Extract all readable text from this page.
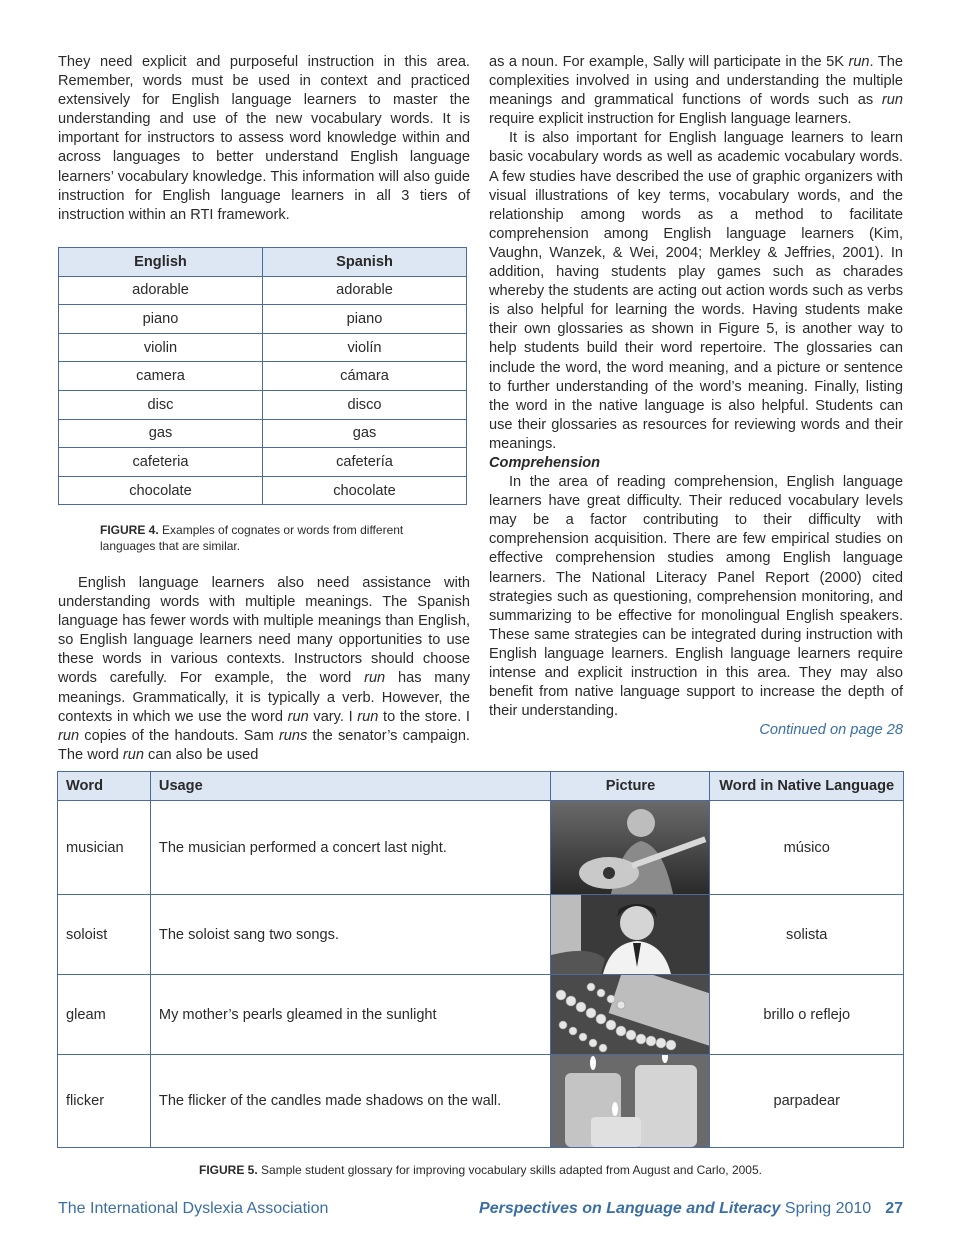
They need explicit and purposeful instruction in this area. Remember, words must be used in context and practiced extensively for English language learners to master the understanding and use of the new vocabulary words. It is important for instructors to assess word knowledge within and across languages to better understand English language learners’ vocabulary knowledge. This information will also guide instruction for English language learners in all 3 tiers of instruction within an RTI framework.

English	Spanish
adorable	adorable
piano	piano
violin	violín
camera	cámara
disc	disco
gas	gas
cafeteria	cafetería
chocolate	chocolate
FIGURE 4. Examples of cognates or words from different languages that are similar.

English language learners also need assistance with understanding words with multiple meanings. The Spanish language has fewer words with multiple meanings than English, so English language learners need many opportunities to use these words in various contexts. Instructors should choose words carefully. For example, the word run has many meanings. Grammatically, it is typically a verb. However, the contexts in which we use the word run vary. I run to the store. I run copies of the handouts. Sam runs the senator’s campaign. The word run can also be used

as a noun. For example, Sally will participate in the 5K run. The complexities involved in using and understanding the multiple meanings and grammatical functions of words such as run require explicit instruction for English language learners.

It is also important for English language learners to learn basic vocabulary words as well as academic vocabulary words. A few studies have described the use of graphic organizers with visual illustrations of key terms, vocabulary words, and the relationship among words as a method to facilitate comprehension among English language learners (Kim, Vaughn, Wanzek, & Wei, 2004; Merkley & Jeffries, 2001). In addition, having students play games such as charades whereby the students are acting out action words such as verbs is also helpful for learning the words. Having students make their own glossaries as shown in Figure 5, is another way to help students build their word repertoire. The glossaries can include the word, the word meaning, and a picture or sentence to further understanding of the word’s meaning. Finally, listing the word in the native language is also helpful. Students can use their glossaries as resources for reviewing words and their meanings.

Comprehension

In the area of reading comprehension, English language learners have great difficulty. Their reduced vocabulary levels may be a factor contributing to their difficulty with comprehension acquisition. There are few empirical studies on effective comprehension studies among English language learners. The National Literacy Panel Report (2000) cited strategies such as questioning, comprehension monitoring, and summarizing to be effective for monolingual English speakers. These same strategies can be integrated during instruction with English language learners. English language learners require intense and explicit instruction in this area. They may also benefit from native language support to increase the depth of their understanding.

Continued on page 28

Word	Usage	Picture	Word in Native Language
musician	The musician performed a concert last night.		músico
soloist	The soloist sang two songs.		solista
gleam	My mother’s pearls gleamed in the sunlight		brillo o reflejo
flicker	The flicker of the candles made shadows on the wall.		parpadear
FIGURE 5. Sample student glossary for improving vocabulary skills adapted from August and Carlo, 2005.
The International Dyslexia Association	Perspectives on Language and Literacy Spring 2010 27
